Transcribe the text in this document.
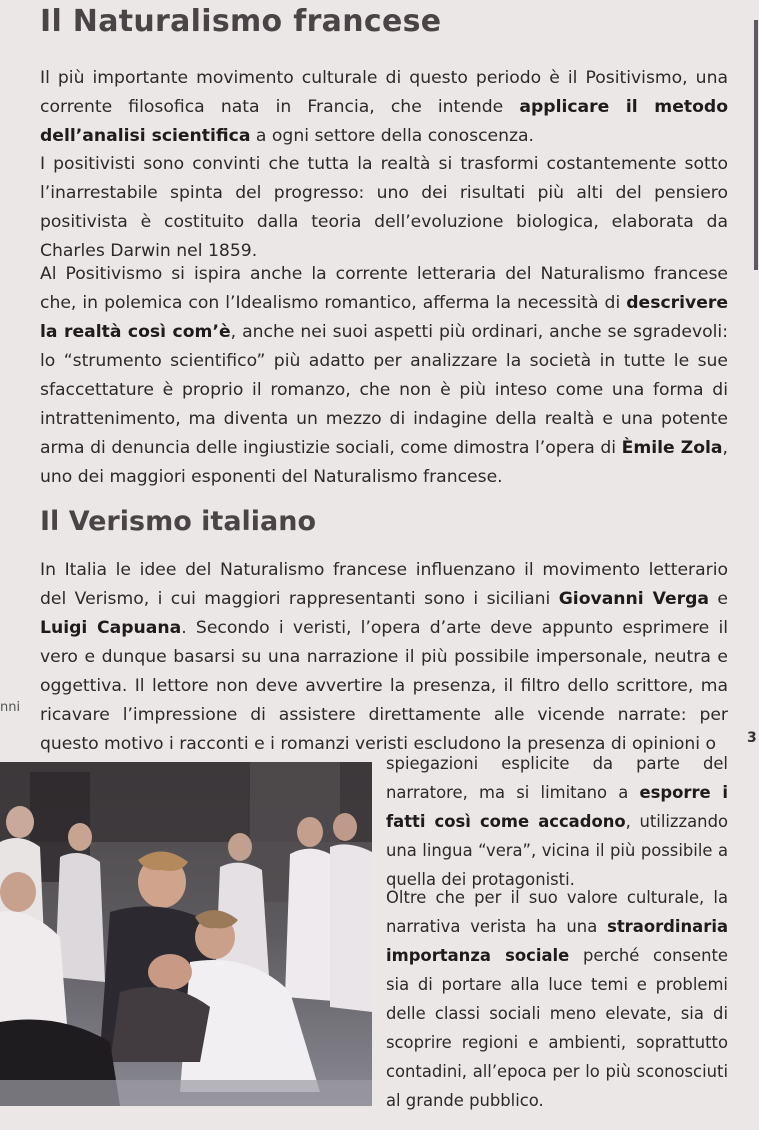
Il Naturalismo francese

Il più importante movimento culturale di questo periodo è il Positivismo, una corrente filosofica nata in Francia, che intende applicare il metodo dell’analisi scientifica a ogni settore della conoscenza.

I positivisti sono convinti che tutta la realtà si trasformi costantemente sotto l’inarrestabile spinta del progresso: uno dei risultati più alti del pensiero positivista è costituito dalla teoria dell’evoluzione biologica, elaborata da Charles Darwin nel 1859.

Al Positivismo si ispira anche la corrente letteraria del Naturalismo francese che, in polemica con l’Idealismo romantico, afferma la necessità di descrivere la realtà così com’è, anche nei suoi aspetti più ordinari, anche se sgradevoli: lo “strumento scientifico” più adatto per analizzare la società in tutte le sue sfaccettature è proprio il romanzo, che non è più inteso come una forma di intrattenimento, ma diventa un mezzo di indagine della realtà e una potente arma di denuncia delle ingiustizie sociali, come dimostra l’opera di Èmile Zola, uno dei maggiori esponenti del Naturalismo francese.

Il Verismo italiano

In Italia le idee del Naturalismo francese influenzano il movimento letterario del Verismo, i cui maggiori rappresentanti sono i siciliani Giovanni Verga e Luigi Capuana. Secondo i veristi, l’opera d’arte deve appunto esprimere il vero e dunque basarsi su una narrazione il più possibile impersonale, neutra e oggettiva. Il lettore non deve avvertire la presenza, il filtro dello scrittore, ma ricavare l’impressione di assistere direttamente alle vicende narrate: per questo motivo i racconti e i romanzi veristi escludono la presenza di opinioni o

spiegazioni esplicite da parte del narratore, ma si limitano a esporre i fatti così come accadono, utilizzando una lingua “vera”, vicina il più possibile a quella dei protagonisti.

Oltre che per il suo valore culturale, la narrativa verista ha una straordinaria importanza sociale perché consente sia di portare alla luce temi e problemi delle classi sociali meno elevate, sia di scoprire regioni e ambienti, soprattutto contadini, all’epoca per lo più sconosciuti al grande pubblico.

nni
3
